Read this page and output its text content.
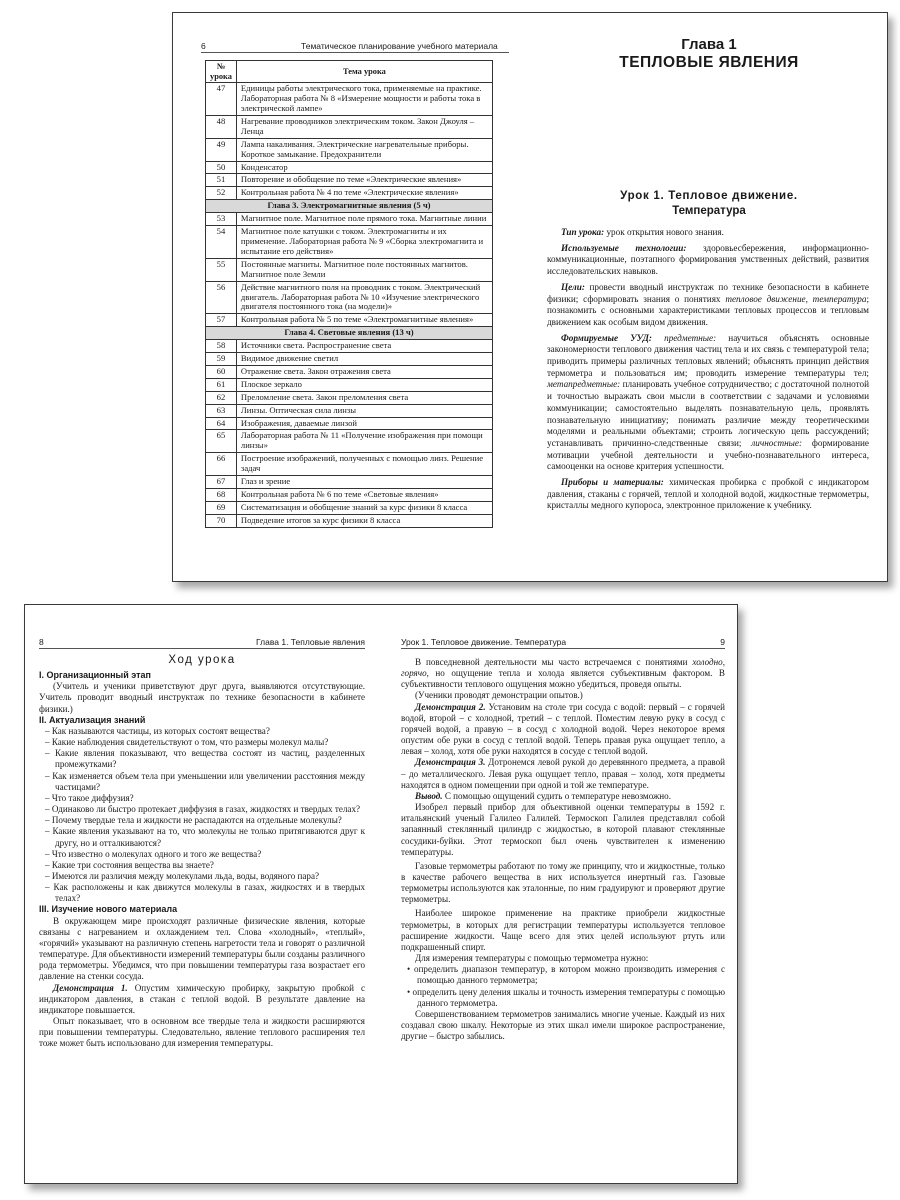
6	Тематическое планирование учебного материала
№ урока	Тема урока
47	Единицы работы электрического тока, применяемые на практике. Лабораторная работа № 8 «Измерение мощности и работы тока в электрической лампе»
48	Нагревание проводников электрическим током. Закон Джоуля – Ленца
49	Лампа накаливания. Электрические нагревательные приборы. Короткое замыкание. Предохранители
50	Конденсатор
51	Повторение и обобщение по теме «Электрические явления»
52	Контрольная работа № 4 по теме «Электрические явления»
Глава 3. Электромагнитные явления (5 ч)	
53	Магнитное поле. Магнитное поле прямого тока. Магнитные линии
54	Магнитное поле катушки с током. Электромагниты и их применение. Лабораторная работа № 9 «Сборка электромагнита и испытание его действия»
55	Постоянные магниты. Магнитное поле постоянных магнитов. Магнитное поле Земли
56	Действие магнитного поля на проводник с током. Электрический двигатель. Лабораторная работа № 10 «Изучение электрического двигателя постоянного тока (на модели)»
57	Контрольная работа № 5 по теме «Электромагнитные явления»
Глава 4. Световые явления (13 ч)	
58	Источники света. Распространение света
59	Видимое движение светил
60	Отражение света. Закон отражения света
61	Плоское зеркало
62	Преломление света. Закон преломления света
63	Линзы. Оптическая сила линзы
64	Изображения, даваемые линзой
65	Лабораторная работа № 11 «Получение изображения при помощи линзы»
66	Построение изображений, полученных с помощью линз. Решение задач
67	Глаз и зрение
68	Контрольная работа № 6 по теме «Световые явления»
69	Систематизация и обобщение знаний за курс физики 8 класса
70	Подведение итогов за курс физики 8 класса
Глава 1
ТЕПЛОВЫЕ ЯВЛЕНИЯ
Урок 1. Тепловое движение.
Температура

Тип урока: урок открытия нового знания.

Используемые технологии: здоровьесбережения, информационно-коммуникационные, поэтапного формирования умственных действий, развития исследовательских навыков.

Цели: провести вводный инструктаж по технике безопасности в кабинете физики; сформировать знания о понятиях тепловое движение, температура; познакомить с основными характеристиками тепловых процессов и тепловым движением как особым видом движения.

Формируемые УУД: предметные: научиться объяснять основные закономерности теплового движения частиц тела и их связь с температурой тела; приводить примеры различных тепловых явлений; объяснять принцип действия термометра и пользоваться им; проводить измерение температуры тел; метапредметные: планировать учебное сотрудничество; с достаточной полнотой и точностью выражать свои мысли в соответствии с задачами и условиями коммуникации; самостоятельно выделять познавательную цель, проявлять познавательную инициативу; понимать различие между теоретическими моделями и реальными объектами; строить логическую цепь рассуждений; устанавливать причинно-следственные связи; личностные: формирование мотивации учебной деятельности и учебно-познавательного интереса, самооценки на основе критерия успешности.

Приборы и материалы: химическая пробирка с пробкой с индикатором давления, стаканы с горячей, теплой и холодной водой, жидкостные термометры, кристаллы медного купороса, электронное приложение к учебнику.

8	Глава 1. Тепловые явления
Ход урока
I. Организационный этап

(Учитель и ученики приветствуют друг друга, выявляются отсутствующие. Учитель проводит вводный инструктаж по технике безопасности в кабинете физики.)

II. Актуализация знаний
– Как называются частицы, из которых состоят вещества?
– Какие наблюдения свидетельствуют о том, что размеры молекул малы?
– Какие явления показывают, что вещества состоят из частиц, разделенных промежутками?
– Как изменяется объем тела при уменьшении или увеличении расстояния между частицами?
– Что такое диффузия?
– Одинаково ли быстро протекает диффузия в газах, жидкостях и твердых телах?
– Почему твердые тела и жидкости не распадаются на отдельные молекулы?
– Какие явления указывают на то, что молекулы не только притягиваются друг к другу, но и отталкиваются?
– Что известно о молекулах одного и того же вещества?
– Какие три состояния вещества вы знаете?
– Имеются ли различия между молекулами льда, воды, водяного пара?
– Как расположены и как движутся молекулы в газах, жидкостях и в твердых телах?
III. Изучение нового материала

В окружающем мире происходят различные физические явления, которые связаны с нагреванием и охлаждением тел. Слова «холодный», «теплый», «горячий» указывают на различную степень нагретости тела и говорят о различной температуре. Для объективности измерений температуры были созданы различного рода термометры. Убедимся, что при повышении температуры газа возрастает его давление на стенки сосуда.

Демонстрация 1. Опустим химическую пробирку, закрытую пробкой с индикатором давления, в стакан с теплой водой. В результате давление на индикаторе повышается.

Опыт показывает, что в основном все твердые тела и жидкости расширяются при повышении температуры. Следовательно, явление теплового расширения тел тоже может быть использовано для измерения температуры.

Урок 1. Тепловое движение. Температура	9

В повседневной деятельности мы часто встречаемся с понятиями холодно, горячо, но ощущение тепла и холода является субъективным фактором. В субъективности теплового ощущения можно убедиться, проведя опыты.

(Ученики проводят демонстрации опытов.)

Демонстрация 2. Установим на столе три сосуда с водой: первый – с горячей водой, второй – с холодной, третий – с теплой. Поместим левую руку в сосуд с горячей водой, а правую – в сосуд с холодной водой. Через некоторое время опустим обе руки в сосуд с теплой водой. Теперь правая рука ощущает тепло, а левая – холод, хотя обе руки находятся в сосуде с теплой водой.

Демонстрация 3. Дотронемся левой рукой до деревянного предмета, а правой – до металлического. Левая рука ощущает тепло, правая – холод, хотя предметы находятся в одном помещении при одной и той же температуре.

Вывод. С помощью ощущений судить о температуре невозможно.

Изобрел первый прибор для объективной оценки температуры в 1592 г. итальянский ученый Галилео Галилей. Термоскоп Галилея представлял собой запаянный стеклянный цилиндр с жидкостью, в которой плавают стеклянные сосудики-буйки. Этот термоскоп был очень чувствителен к изменению температуры.

Газовые термометры работают по тому же принципу, что и жидкостные, только в качестве рабочего вещества в них используется инертный газ. Газовые термометры используются как эталонные, по ним градуируют и проверяют другие термометры.

Наиболее широкое применение на практике приобрели жидкостные термометры, в которых для регистрации температуры используется тепловое расширение жидкости. Чаще всего для этих целей используют ртуть или подкрашенный спирт.

Для измерения температуры с помощью термометра нужно:

• определить диапазон температур, в котором можно производить измерения с помощью данного термометра;
• определить цену деления шкалы и точность измерения температуры с помощью данного термометра.

Совершенствованием термометров занимались многие ученые. Каждый из них создавал свою шкалу. Некоторые из этих шкал имели широкое распространение, другие – быстро забылись.
